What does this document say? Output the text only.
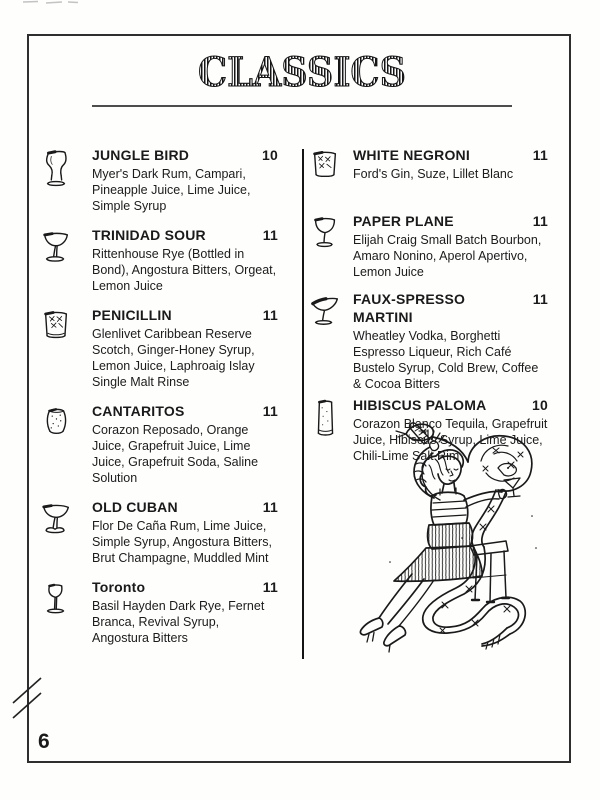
CLASSICS
JUNGLE BIRD	10
Myer's Dark Rum, Campari, Pineapple Juice, Lime Juice, Simple Syrup
TRINIDAD SOUR	11
Rittenhouse Rye (Bottled in Bond), Angostura Bitters, Orgeat, Lemon Juice
PENICILLIN	11
Glenlivet Caribbean Reserve Scotch, Ginger-Honey Syrup, Lemon Juice, Laphroaig Islay Single Malt Rinse
CANTARITOS	11
Corazon Reposado, Orange Juice, Grapefruit Juice, Lime Juice, Grapefruit Soda, Saline Solution
OLD CUBAN	11
Flor De Caña Rum, Lime Juice, Simple Syrup, Angostura Bitters, Brut Champagne, Muddled Mint
Toronto	11
Basil Hayden Dark Rye, Fernet Branca, Revival Syrup, Angostura Bitters
WHITE NEGRONI	11
Ford's Gin, Suze, Lillet Blanc
PAPER PLANE	11
Elijah Craig Small Batch Bourbon, Amaro Nonino, Aperol Apertivo, Lemon Juice
FAUX-SPRESSO MARTINI
11
Wheatley Vodka, Borghetti Espresso Liqueur, Rich Café Bustelo Syrup, Cold Brew, Coffee & Cocoa Bitters
HIBISCUS PALOMA	10
Corazon Blanco Tequila, Grapefruit Juice, Hibiscus Syrup, Lime Juice, Chili-Lime Salt Rim
6
